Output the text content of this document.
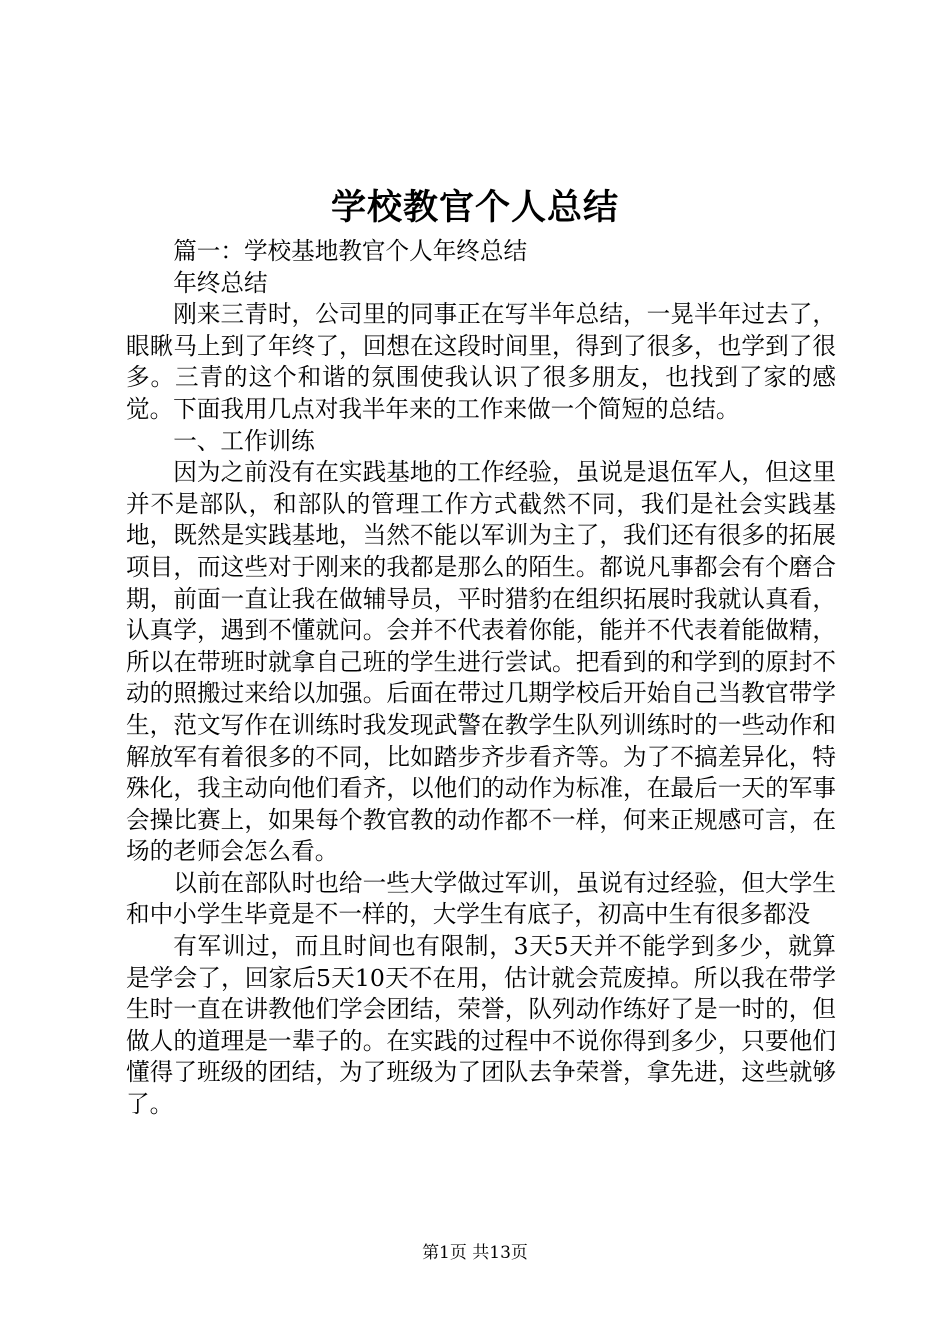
学校教官个人总结

篇一：学校基地教官个人年终总结

年终总结

刚来三青时，公司里的同事正在写半年总结，一晃半年过去了，眼瞅马上到了年终了，回想在这段时间里，得到了很多，也学到了很多。三青的这个和谐的氛围使我认识了很多朋友，也找到了家的感觉。下面我用几点对我半年来的工作来做一个简短的总结。

一、工作训练

因为之前没有在实践基地的工作经验，虽说是退伍军人，但这里并不是部队，和部队的管理工作方式截然不同，我们是社会实践基地，既然是实践基地，当然不能以军训为主了，我们还有很多的拓展项目，而这些对于刚来的我都是那么的陌生。都说凡事都会有个磨合期，前面一直让我在做辅导员，平时猎豹在组织拓展时我就认真看，认真学，遇到不懂就问。会并不代表着你能，能并不代表着能做精，所以在带班时就拿自己班的学生进行尝试。把看到的和学到的原封不动的照搬过来给以加强。后面在带过几期学校后开始自己当教官带学生，范文写作在训练时我发现武警在教学生队列训练时的一些动作和解放军有着很多的不同，比如踏步齐步看齐等。为了不搞差异化，特殊化，我主动向他们看齐，以他们的动作为标准，在最后一天的军事会操比赛上，如果每个教官教的动作都不一样，何来正规感可言，在场的老师会怎么看。

以前在部队时也给一些大学做过军训，虽说有过经验，但大学生和中小学生毕竟是不一样的，大学生有底子，初高中生有很多都没

有军训过，而且时间也有限制，3天5天并不能学到多少，就算是学会了，回家后5天10天不在用，估计就会荒废掉。所以我在带学生时一直在讲教他们学会团结，荣誉，队列动作练好了是一时的，但做人的道理是一辈子的。在实践的过程中不说你得到多少，只要他们懂得了班级的团结，为了班级为了团队去争荣誉，拿先进，这些就够了。

第1页 共13页
